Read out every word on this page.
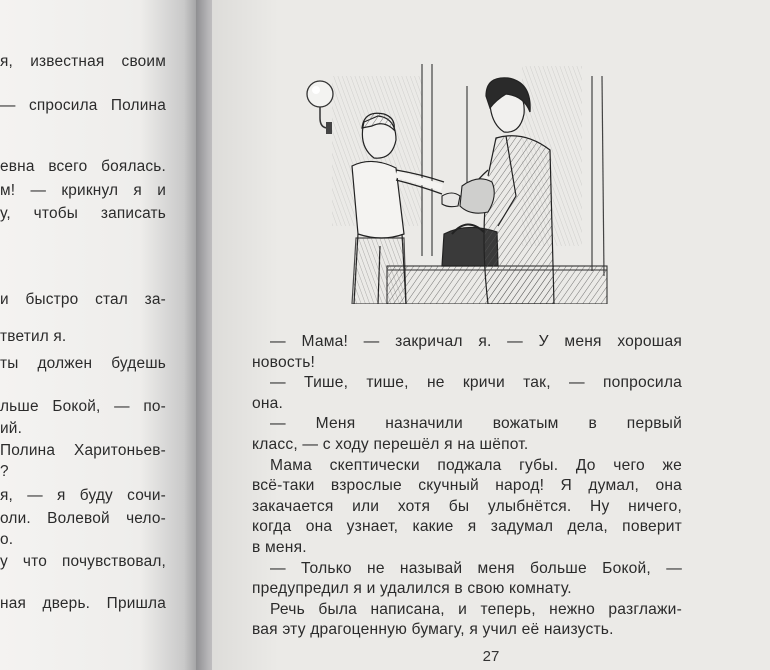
я, известная своим
— спросила Полина
евна всего боялась.
м! — крикнул я и
у, чтобы записать
и быстро стал за-
тветил я.
ты должен будешь
льше Бокой, — по-
ий.
Полина Харитоньев-
?
я, — я буду сочи-
оли. Волевой чело-
о.
у что почувствовал,
ная дверь. Пришла
— Мама! — закричал я. — У меня хорошая
новость!
— Тише, тише, не кричи так, — попросила
она.
— Меня назначили вожатым в первый
класс, — с ходу перешёл я на шёпот.
Мама скептически поджала губы. До чего же
всё-таки взрослые скучный народ! Я думал, она
закачается или хотя бы улыбнётся. Ну ничего,
когда она узнает, какие я задумал дела, поверит
в меня.
— Только не называй меня больше Бокой, —
предупредил я и удалился в свою комнату.
Речь была написана, и теперь, нежно разглажи-
вая эту драгоценную бумагу, я учил её наизусть.
27
